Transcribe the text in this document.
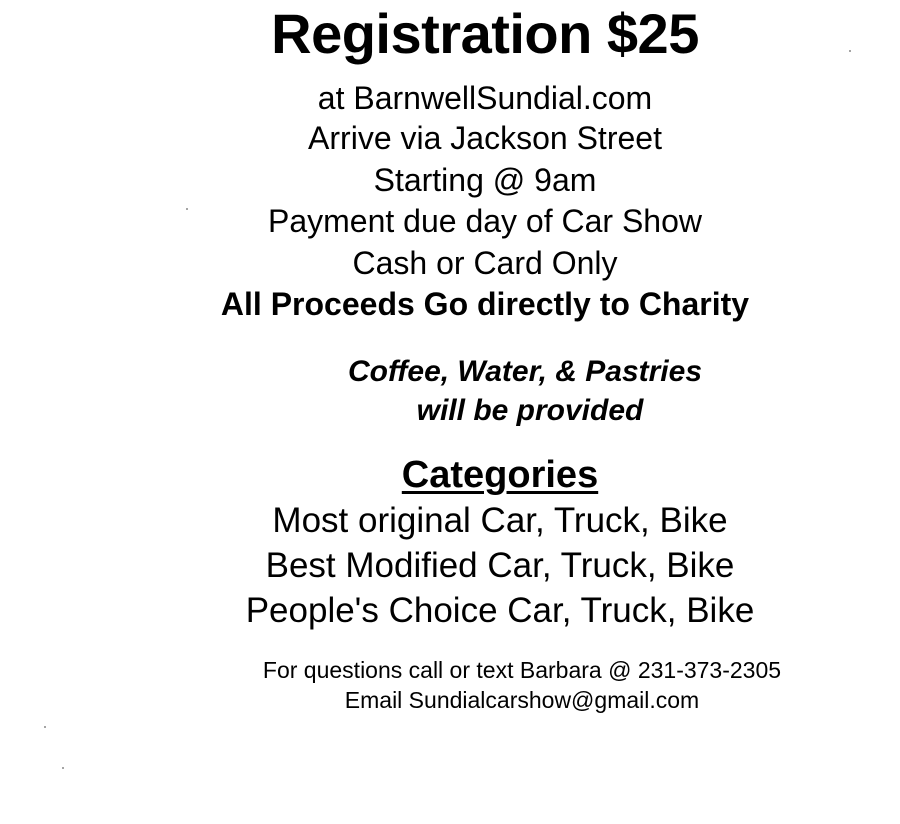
Registration $25
at BarnwellSundial.com
Arrive via Jackson Street
Starting @ 9am
Payment due day of Car Show
Cash or Card Only
All Proceeds Go directly to Charity
Coffee, Water, & Pastries
will be provided
Categories
Most original Car, Truck, Bike
Best Modified Car, Truck, Bike
People's Choice Car, Truck, Bike
For questions call or text Barbara @ 231-373-2305
Email Sundialcarshow@gmail.com
